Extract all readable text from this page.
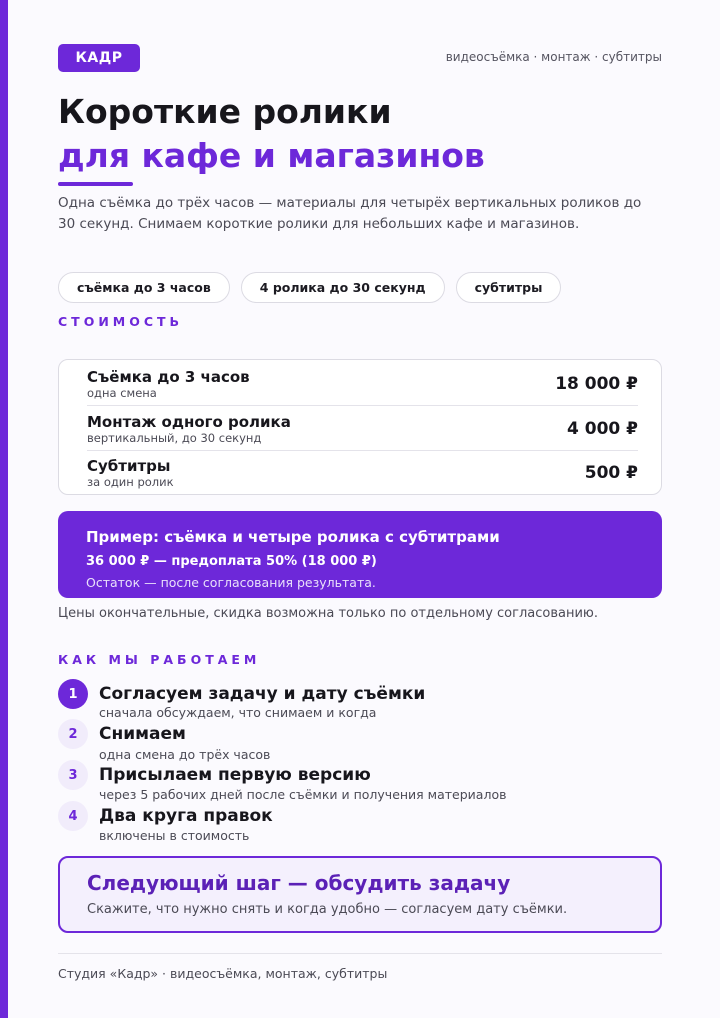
КАДР	видеосъёмка · монтаж · субтитры
Короткие ролики
для кафе и магазинов
Одна съёмка до трёх часов — материалы для четырёх вертикальных роликов до 30 секунд. Снимаем короткие ролики для небольших кафе и магазинов.
съёмка до 3 часов	4 ролика до 30 секунд	субтитры
СТОИМОСТЬ
Съёмка до 3 часов
одна смена	18 000 ₽
Монтаж одного ролика
вертикальный, до 30 секунд	4 000 ₽
Субтитры
за один ролик	500 ₽
Пример: съёмка и четыре ролика с субтитрами
36 000 ₽ — предоплата 50% (18 000 ₽)
Остаток — после согласования результата.
Цены окончательные, скидка возможна только по отдельному согласованию.
КАК МЫ РАБОТАЕМ
1	Согласуем задачу и дату съёмки
сначала обсуждаем, что снимаем и когда
2	Снимаем
одна смена до трёх часов
3	Присылаем первую версию
через 5 рабочих дней после съёмки и получения материалов
4	Два круга правок
включены в стоимость
Следующий шаг — обсудить задачу
Скажите, что нужно снять и когда удобно — согласуем дату съёмки.
Студия «Кадр» · видеосъёмка, монтаж, субтитры
